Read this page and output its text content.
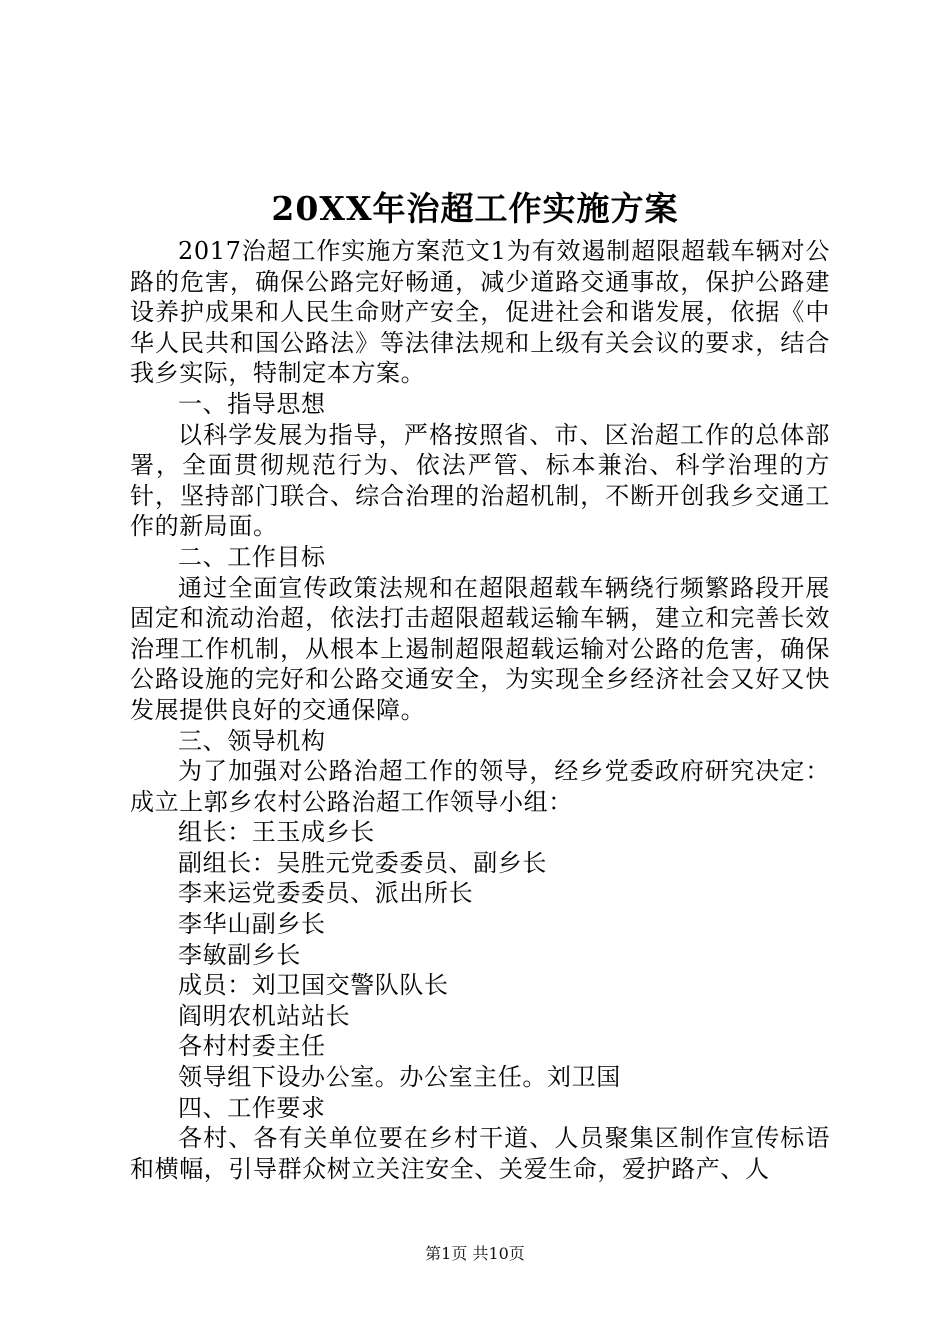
20XX年治超工作实施方案

2017治超工作实施方案范文1为有效遏制超限超载车辆对公路的危害，确保公路完好畅通，减少道路交通事故，保护公路建设养护成果和人民生命财产安全，促进社会和谐发展，依据《中华人民共和国公路法》等法律法规和上级有关会议的要求，结合我乡实际，特制定本方案。

一、指导思想

以科学发展为指导，严格按照省、市、区治超工作的总体部署，全面贯彻规范行为、依法严管、标本兼治、科学治理的方针，坚持部门联合、综合治理的治超机制，不断开创我乡交通工作的新局面。

二、工作目标

通过全面宣传政策法规和在超限超载车辆绕行频繁路段开展固定和流动治超，依法打击超限超载运输车辆，建立和完善长效治理工作机制，从根本上遏制超限超载运输对公路的危害，确保公路设施的完好和公路交通安全，为实现全乡经济社会又好又快发展提供良好的交通保障。

三、领导机构

为了加强对公路治超工作的领导，经乡党委政府研究决定：成立上郭乡农村公路治超工作领导小组：

组长：王玉成乡长

副组长：吴胜元党委委员、副乡长

李来运党委委员、派出所长

李华山副乡长

李敏副乡长

成员：刘卫国交警队队长

阎明农机站站长

各村村委主任

领导组下设办公室。办公室主任。刘卫国

四、工作要求

各村、各有关单位要在乡村干道、人员聚集区制作宣传标语和横幅，引导群众树立关注安全、关爱生命，爱护路产、人

第1页 共10页
